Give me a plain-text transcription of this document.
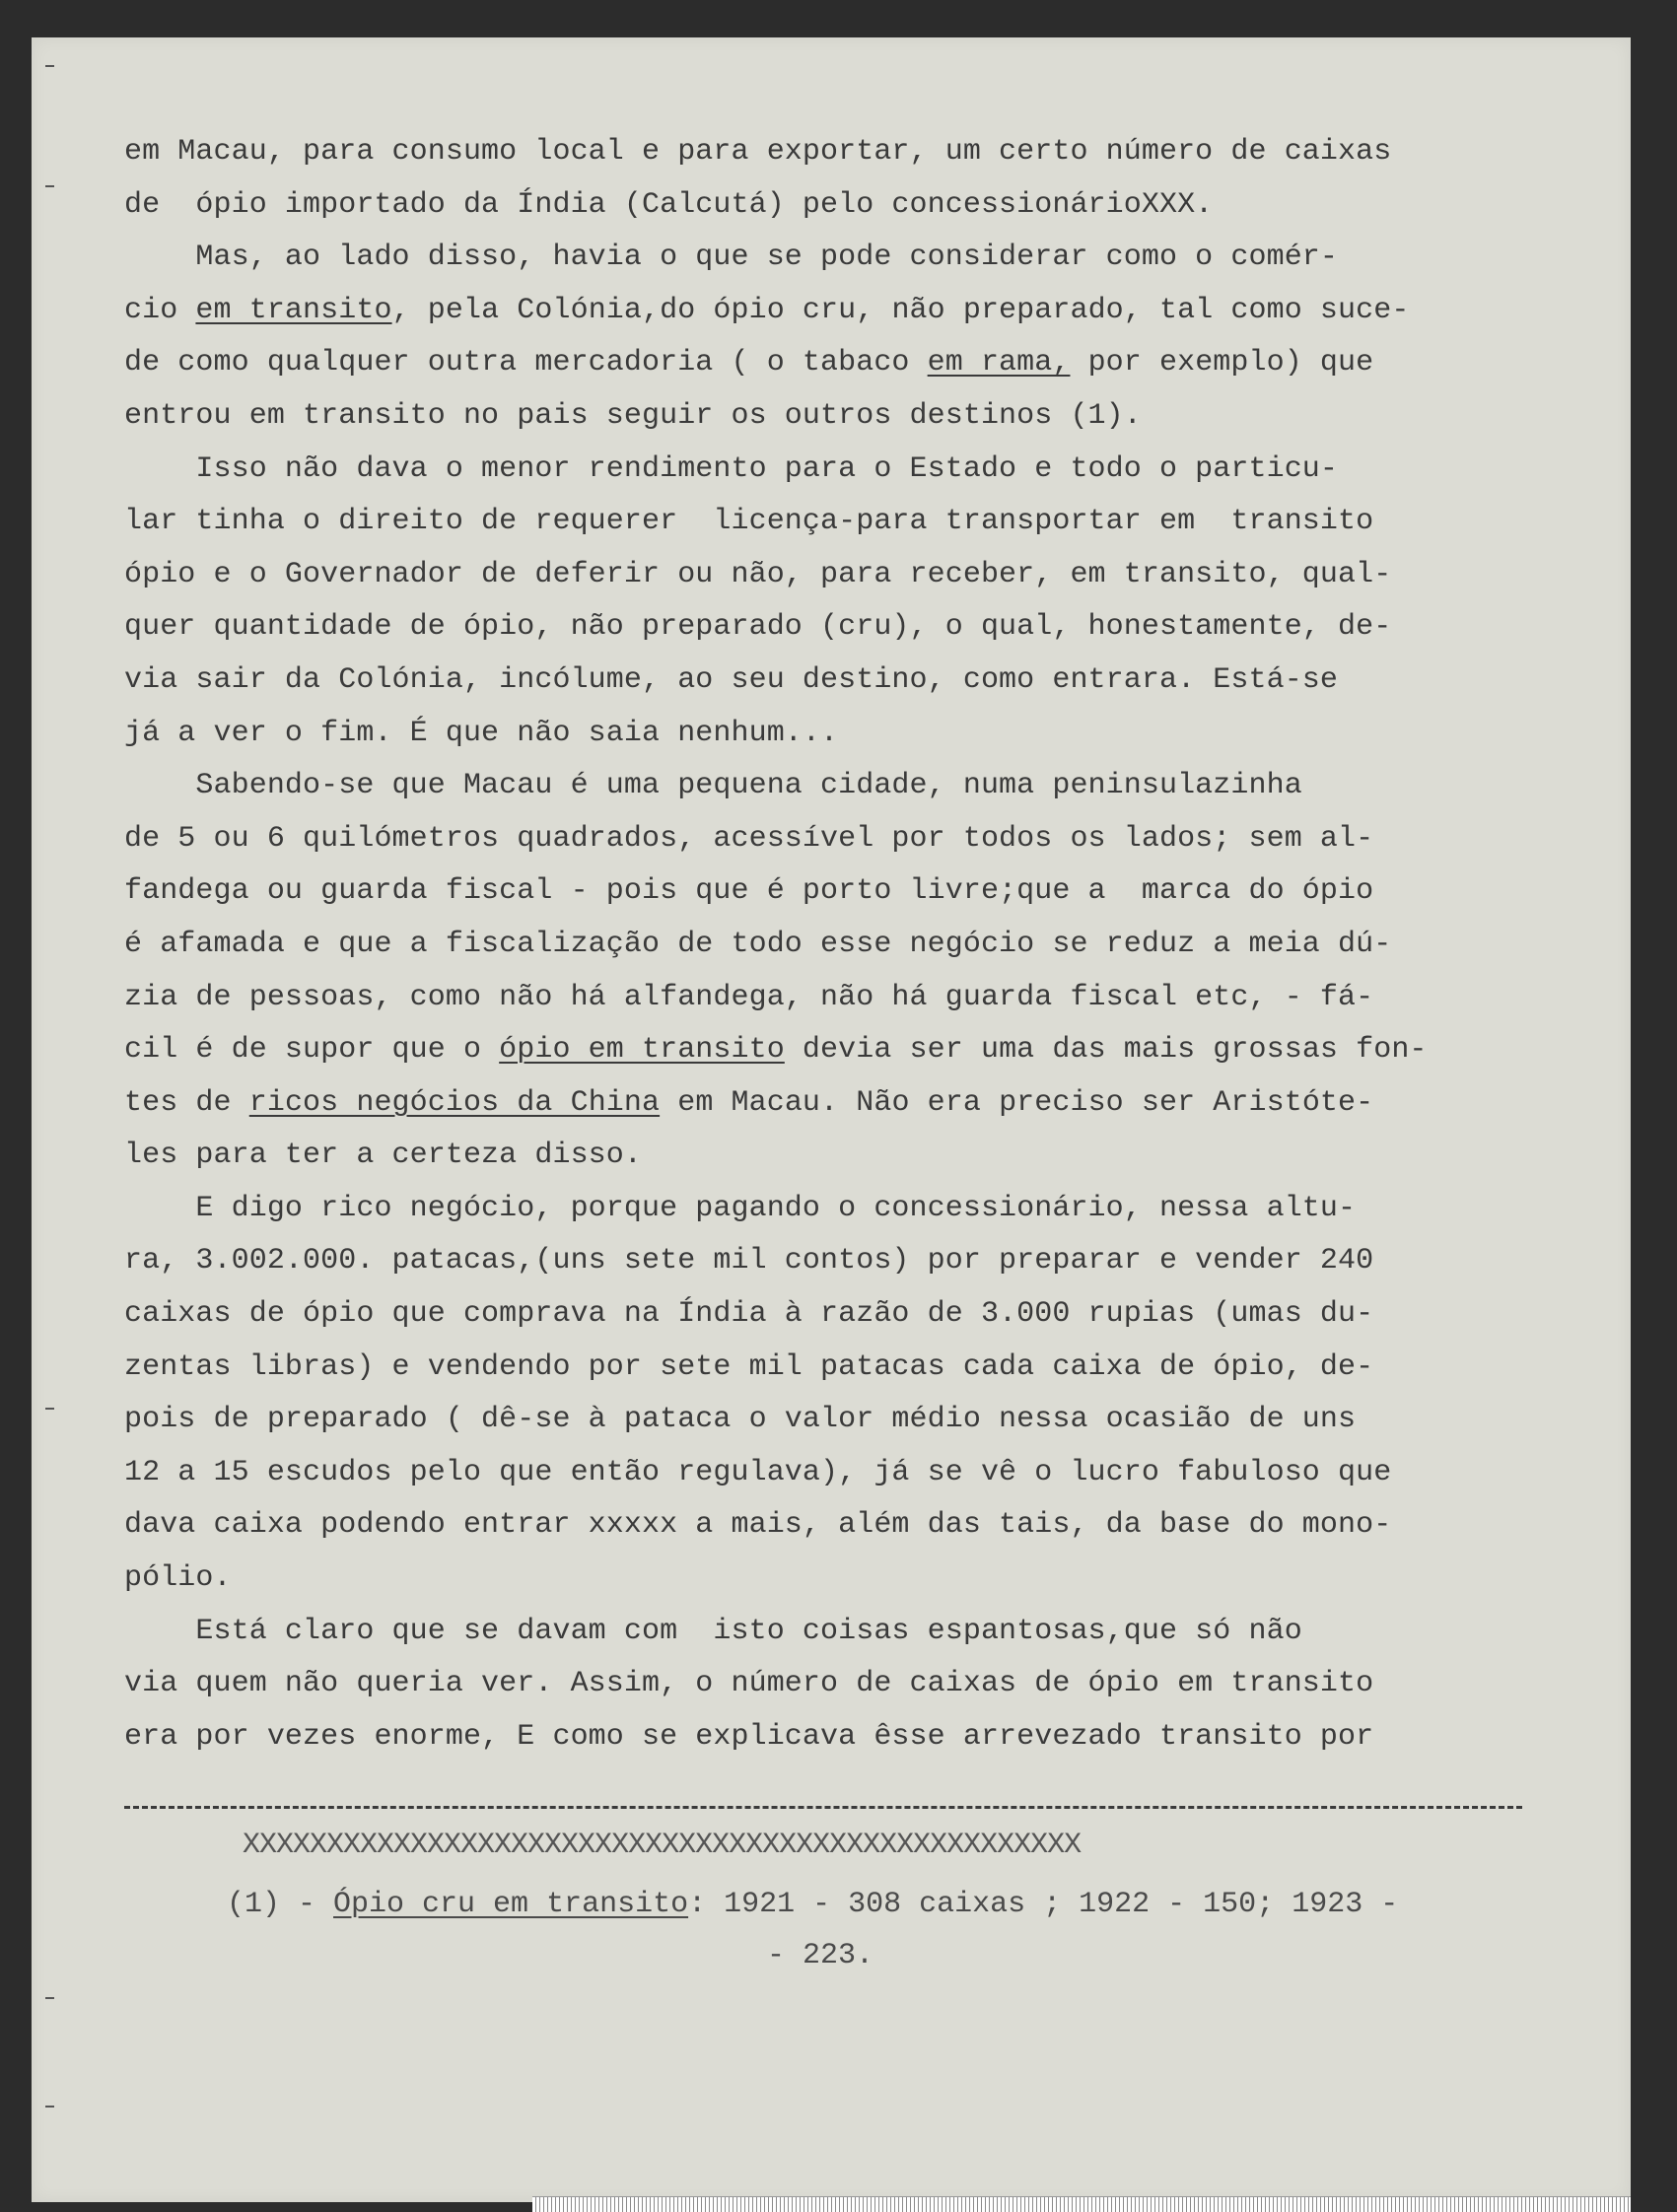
em Macau, para consumo local e para exportar, um certo número de caixas
de  ópio importado da Índia (Calcutá) pelo concessionárioXXX.
Mas, ao lado disso, havia o que se pode considerar como o comér-
cio em transito, pela Colónia,do ópio cru, não preparado, tal como suce-
de como qualquer outra mercadoria ( o tabaco em rama, por exemplo) que
entrou em transito no pais seguir os outros destinos (1).
Isso não dava o menor rendimento para o Estado e todo o particu-
lar tinha o direito de requerer  licença-para transportar em  transito
ópio e o Governador de deferir ou não, para receber, em transito, qual-
quer quantidade de ópio, não preparado (cru), o qual, honestamente, de-
via sair da Colónia, incólume, ao seu destino, como entrara. Está-se
já a ver o fim. É que não saia nenhum...
Sabendo-se que Macau é uma pequena cidade, numa peninsulazinha
de 5 ou 6 quilómetros quadrados, acessível por todos os lados; sem al-
fandega ou guarda fiscal - pois que é porto livre;que a  marca do ópio
é afamada e que a fiscalização de todo esse negócio se reduz a meia dú-
zia de pessoas, como não há alfandega, não há guarda fiscal etc, - fá-
cil é de supor que o ópio em transito devia ser uma das mais grossas fon-
tes de ricos negócios da China em Macau. Não era preciso ser Aristóte-
les para ter a certeza disso.
E digo rico negócio, porque pagando o concessionário, nessa altu-
ra, 3.002.000. patacas,(uns sete mil contos) por preparar e vender 240
caixas de ópio que comprava na Índia à razão de 3.000 rupias (umas du-
zentas libras) e vendendo por sete mil patacas cada caixa de ópio, de-
pois de preparado ( dê-se à pataca o valor médio nessa ocasião de uns
12 a 15 escudos pelo que então regulava), já se vê o lucro fabuloso que
dava caixa podendo entrar xxxxx a mais, além das tais, da base do mono-
pólio.
Está claro que se davam com  isto coisas espantosas,que só não
via quem não queria ver. Assim, o número de caixas de ópio em transito
era por vezes enorme, E como se explicava êsse arrevezado transito por
XXXXXXXXXXXXXXXXXXXXXXXXXXXXXXXXXXXXXXXXXXXXXXXXXX
(1) - Ópio cru em transito: 1921 - 308 caixas ; 1922 - 150; 1923 -
- 223.
